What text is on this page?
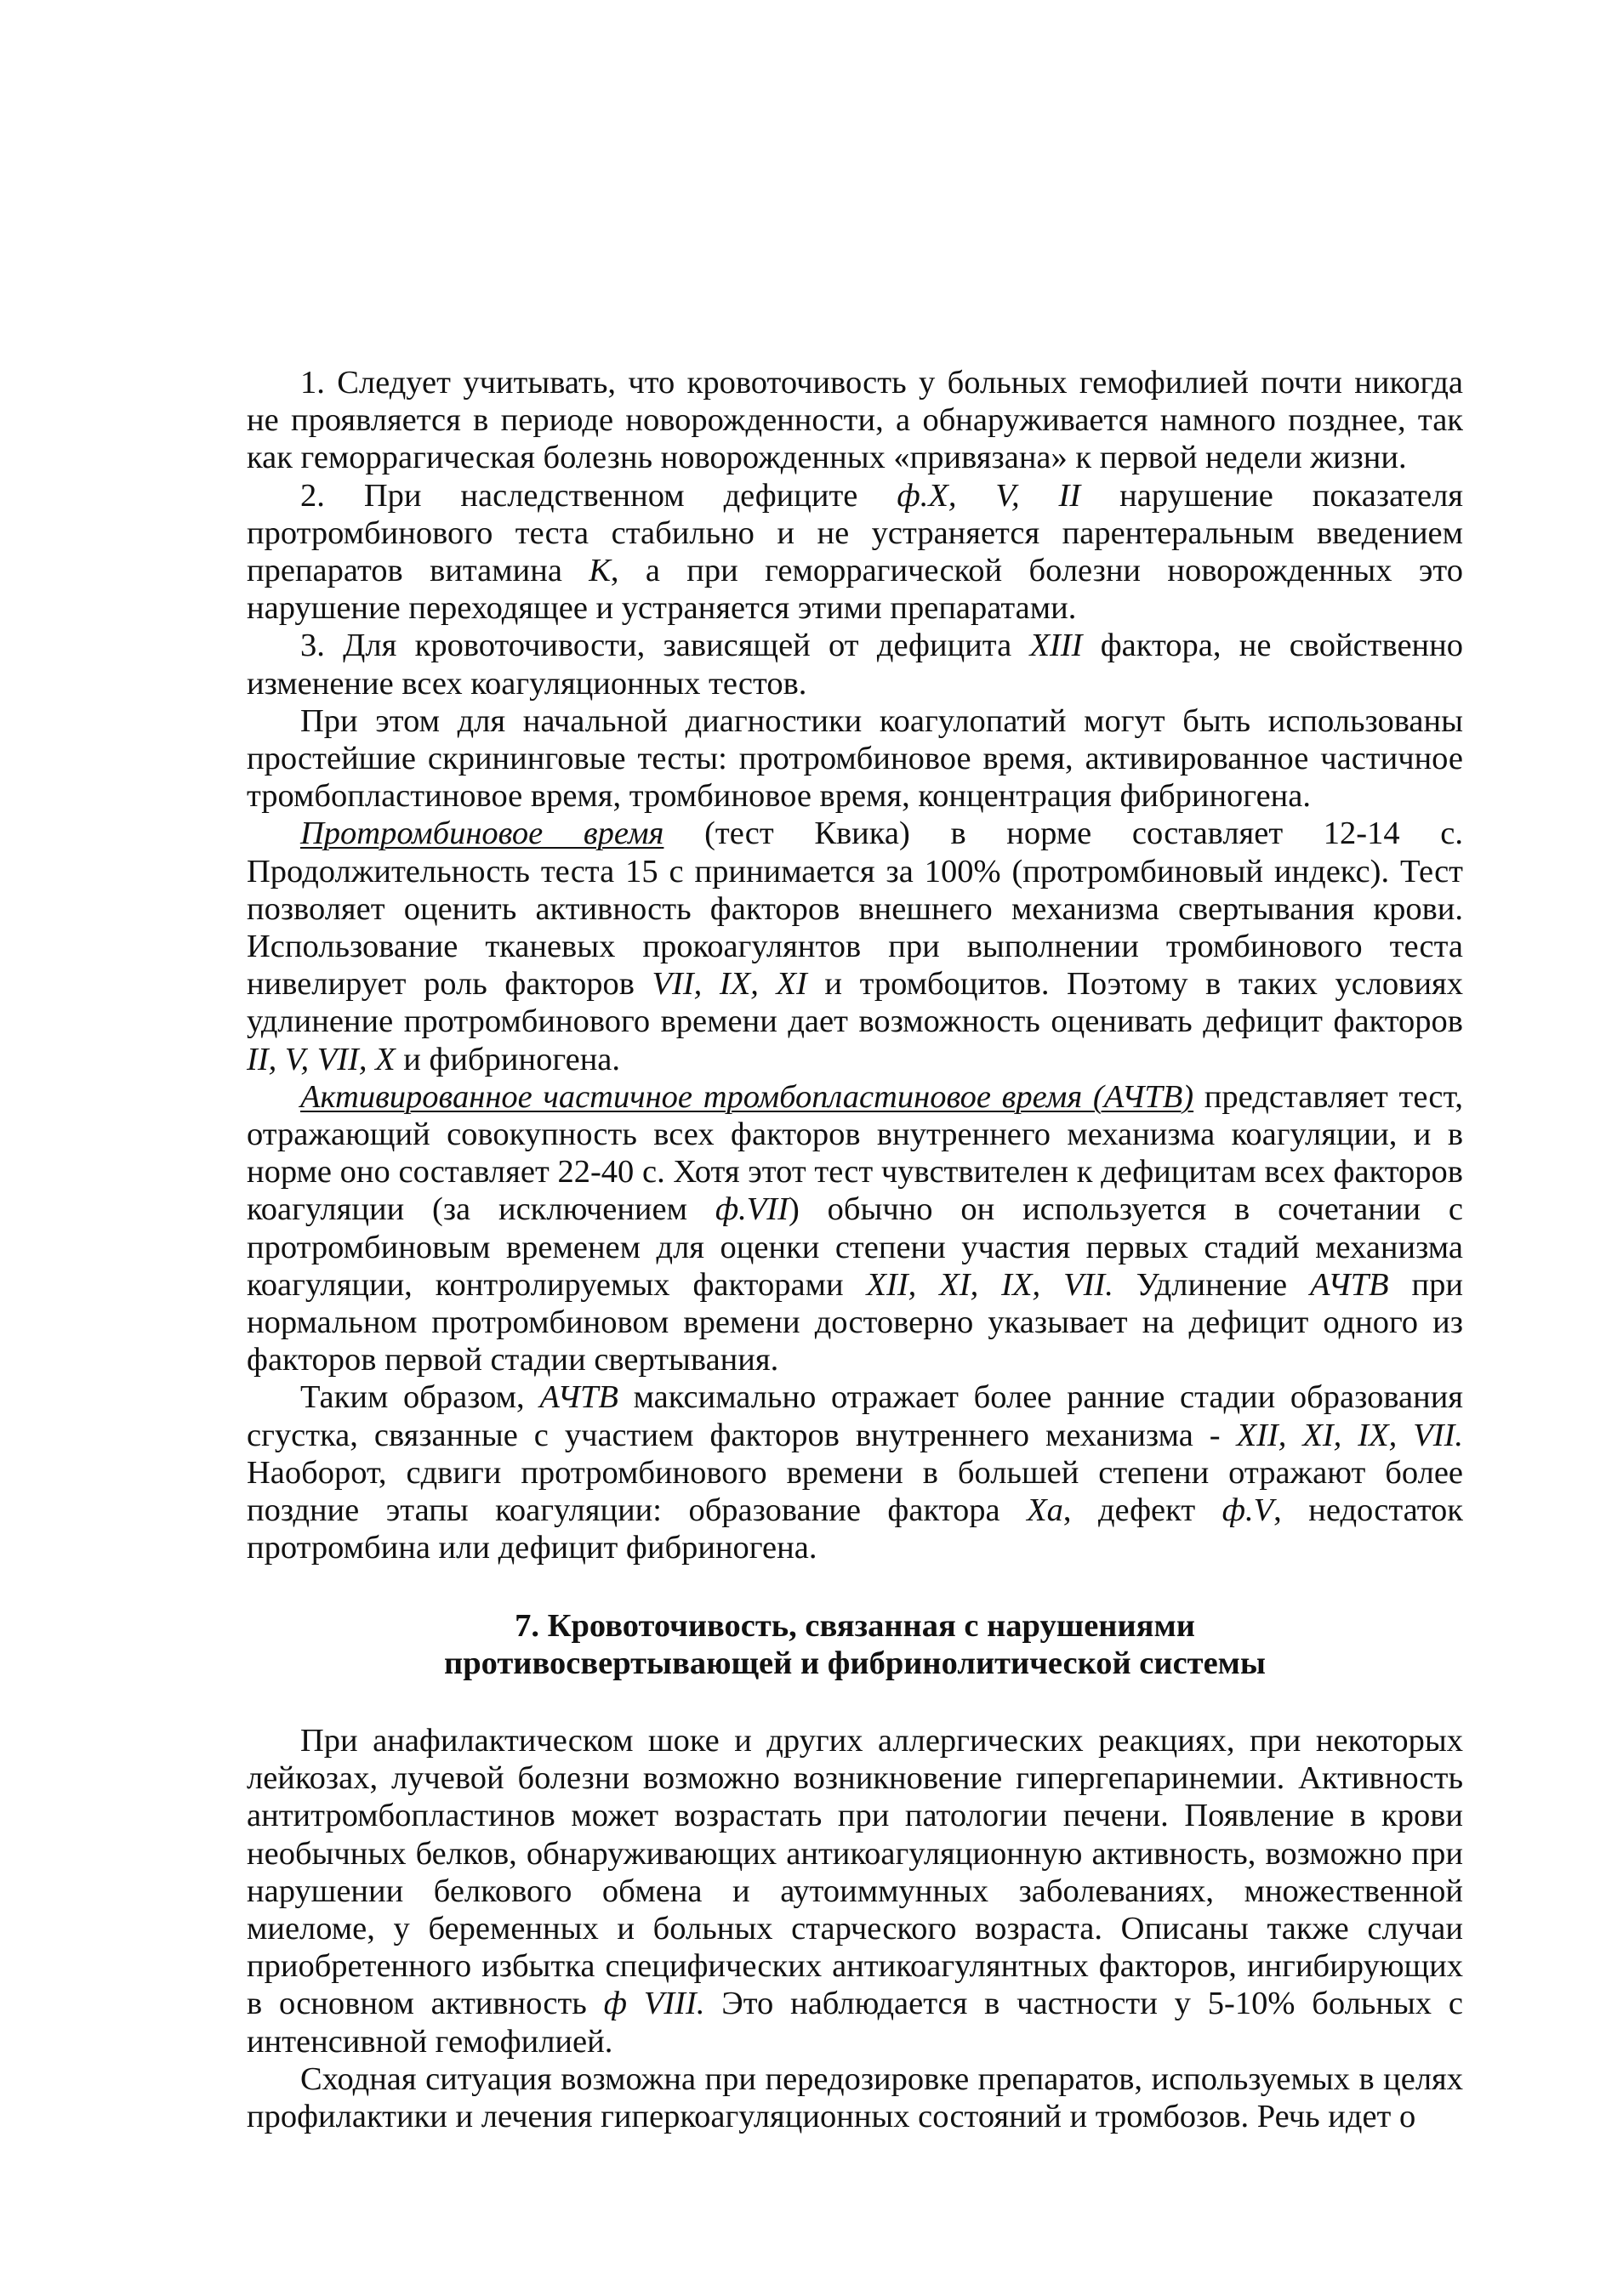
1. Следует учитывать, что кровоточивость у больных гемофилией почти никогда не проявляется в периоде новорожденности, а обнаруживается намного позднее, так как геморрагическая болезнь новорожденных «привязана» к первой недели жизни.

2. При наследственном дефиците ф.X, V, II нарушение показателя протромбинового теста стабильно и не устраняется парентеральным введением препаратов витамина К, а при геморрагической болезни новорожденных это нарушение переходящее и устраняется этими препаратами.

3. Для кровоточивости, зависящей от дефицита XIII фактора, не свойственно изменение всех коагуляционных тестов.

При этом для начальной диагностики коагулопатий могут быть использованы простейшие скрининговые тесты: протромбиновое время, активированное частичное тромбопластиновое время, тромбиновое время, концентрация фибриногена.

Протромбиновое время (тест Квика) в норме составляет 12-14 с. Продолжительность теста 15 с принимается за 100% (протромбиновый индекс). Тест позволяет оценить активность факторов внешнего механизма свертывания крови. Использование тканевых прокоагулянтов при выполнении тромбинового теста нивелирует роль факторов VII, IX, XI и тромбоцитов. Поэтому в таких условиях удлинение протромбинового времени дает возможность оценивать дефицит факторов II, V, VII, X и фибриногена.

Активированное частичное тромбопластиновое время (АЧТВ) представляет тест, отражающий совокупность всех факторов внутреннего механизма коагуляции, и в норме оно составляет 22-40 с. Хотя этот тест чувствителен к дефицитам всех факторов коагуляции (за исключением ф.VII) обычно он используется в сочетании с протромбиновым временем для оценки степени участия первых стадий механизма коагуляции, контролируемых факторами XII, XI, IX, VII. Удлинение АЧТВ при нормальном протромбиновом времени достоверно указывает на дефицит одного из факторов первой стадии свертывания.

Таким образом, АЧТВ максимально отражает более ранние стадии образования сгустка, связанные с участием факторов внутреннего механизма - XII, XI, IX, VII. Наоборот, сдвиги протромбинового времени в большей степени отражают более поздние этапы коагуляции: образование фактора Xa, дефект ф.V, недостаток протромбина или дефицит фибриногена.

7. Кровоточивость, связанная с нарушениями
противосвертывающей и фибринолитической системы

При анафилактическом шоке и других аллергических реакциях, при некоторых лейкозах, лучевой болезни возможно возникновение гипергепаринемии. Активность антитромбопластинов может возрастать при патологии печени. Появление в крови необычных белков, обнаруживающих антикоагуляционную активность, возможно при нарушении белкового обмена и аутоиммунных заболеваниях, множественной миеломе, у беременных и больных старческого возраста. Описаны также случаи приобретенного избытка специфических антикоагулянтных факторов, ингибирующих в основном активность ф VIII. Это наблюдается в частности у 5-10% больных с интенсивной гемофилией.

Сходная ситуация возможна при передозировке препаратов, используемых в целях профилактики и лечения гиперкоагуляционных состояний и тромбозов. Речь идет о
